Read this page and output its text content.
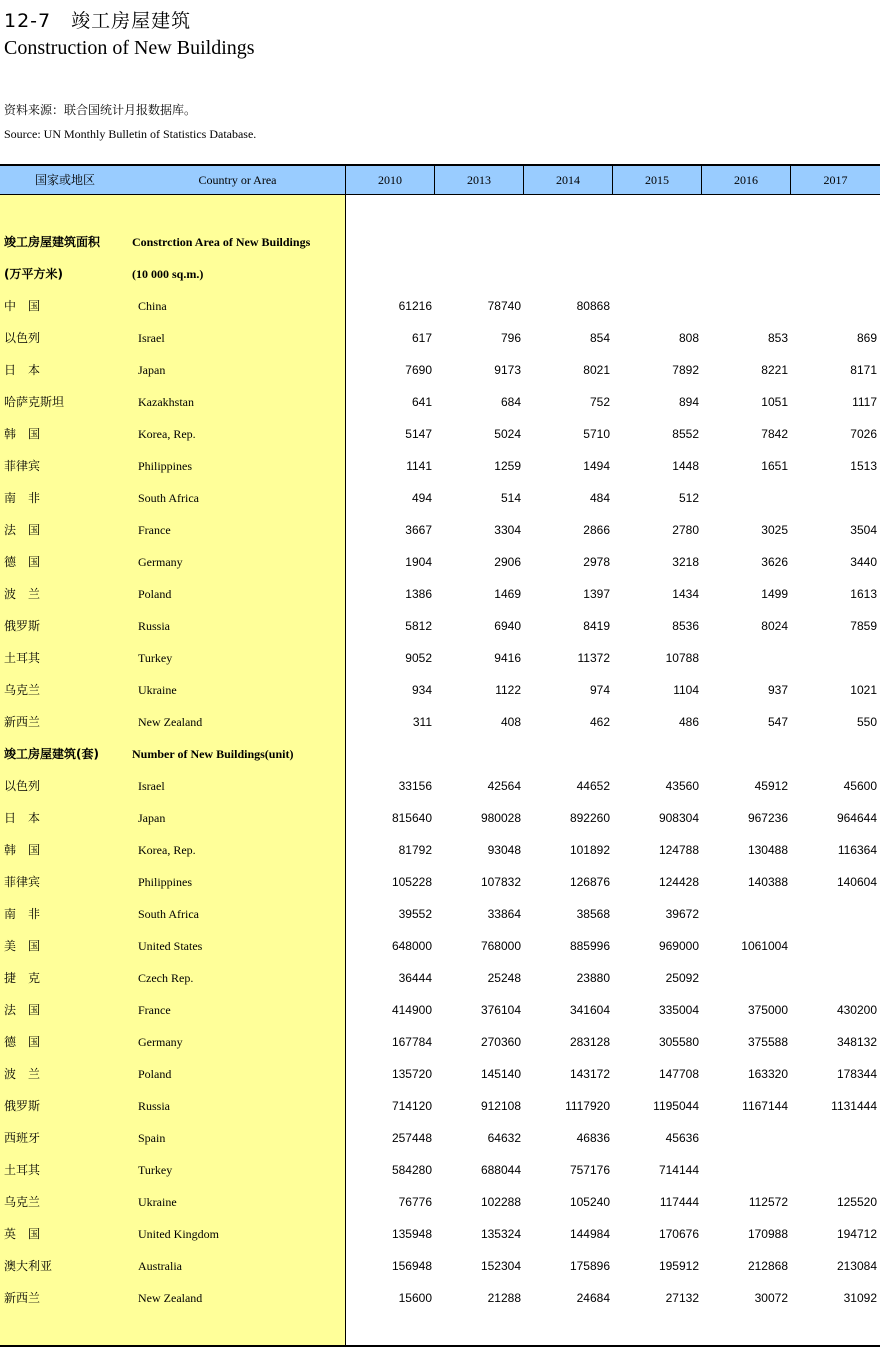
12-7　竣工房屋建筑
Construction of New Buildings
资料来源：联合国统计月报数据库。
Source: UN Monthly Bulletin of Statistics Database.
国家或地区	Country or Area	2010	2013	2014	2015	2016	2017
竣工房屋建筑面积	Constrction Area of New Buildings
(万平方米)	(10 000 sq.m.)
中　国	China	61216	78740	80868
以色列	Israel	617	796	854	808	853	869
日　本	Japan	7690	9173	8021	7892	8221	8171
哈萨克斯坦	Kazakhstan	641	684	752	894	1051	1117
韩　国	Korea, Rep.	5147	5024	5710	8552	7842	7026
菲律宾	Philippines	1141	1259	1494	1448	1651	1513
南　非	South Africa	494	514	484	512
法　国	France	3667	3304	2866	2780	3025	3504
德　国	Germany	1904	2906	2978	3218	3626	3440
波　兰	Poland	1386	1469	1397	1434	1499	1613
俄罗斯	Russia	5812	6940	8419	8536	8024	7859
土耳其	Turkey	9052	9416	11372	10788
乌克兰	Ukraine	934	1122	974	1104	937	1021
新西兰	New Zealand	311	408	462	486	547	550
竣工房屋建筑(套)	Number of New Buildings(unit)
以色列	Israel	33156	42564	44652	43560	45912	45600
日　本	Japan	815640	980028	892260	908304	967236	964644
韩　国	Korea, Rep.	81792	93048	101892	124788	130488	116364
菲律宾	Philippines	105228	107832	126876	124428	140388	140604
南　非	South Africa	39552	33864	38568	39672
美　国	United States	648000	768000	885996	969000	1061004
捷　克	Czech Rep.	36444	25248	23880	25092
法　国	France	414900	376104	341604	335004	375000	430200
德　国	Germany	167784	270360	283128	305580	375588	348132
波　兰	Poland	135720	145140	143172	147708	163320	178344
俄罗斯	Russia	714120	912108	1117920	1195044	1167144	1131444
西班牙	Spain	257448	64632	46836	45636
土耳其	Turkey	584280	688044	757176	714144
乌克兰	Ukraine	76776	102288	105240	117444	112572	125520
英　国	United Kingdom	135948	135324	144984	170676	170988	194712
澳大利亚	Australia	156948	152304	175896	195912	212868	213084
新西兰	New Zealand	15600	21288	24684	27132	30072	31092
